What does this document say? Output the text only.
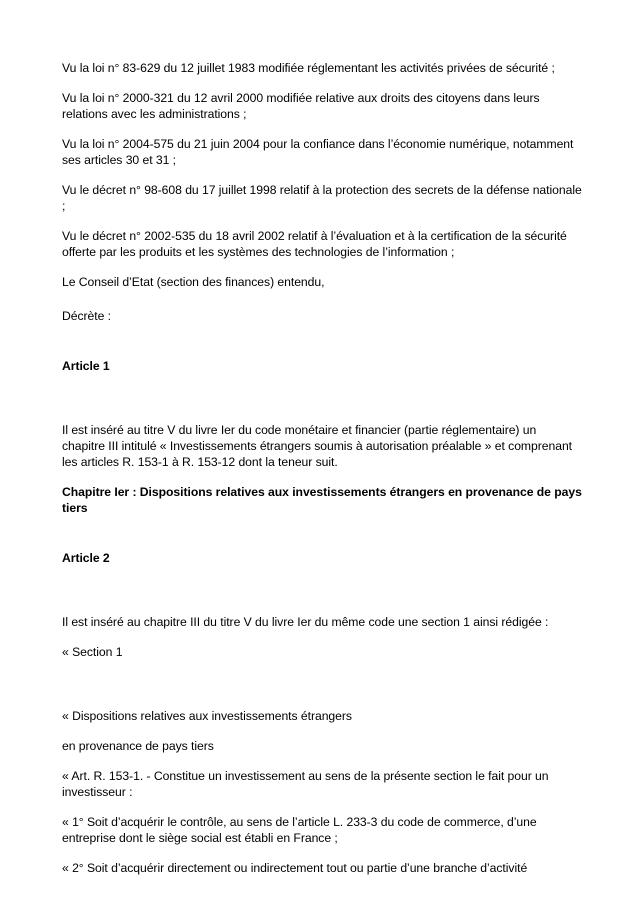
Vu la loi n° 83-629 du 12 juillet 1983 modifiée réglementant les activités privées de sécurité ;

Vu la loi n° 2000-321 du 12 avril 2000 modifiée relative aux droits des citoyens dans leurs relations avec les administrations ;

Vu la loi n° 2004-575 du 21 juin 2004 pour la confiance dans l’économie numérique, notamment ses articles 30 et 31 ;

Vu le décret n° 98-608 du 17 juillet 1998 relatif à la protection des secrets de la défense nationale ;

Vu le décret n° 2002-535 du 18 avril 2002 relatif à l’évaluation et à la certification de la sécurité offerte par les produits et les systèmes des technologies de l’information ;

Le Conseil d’Etat (section des finances) entendu,

Décrète :

Article 1

Il est inséré au titre V du livre Ier du code monétaire et financier (partie réglementaire) un chapitre III intitulé « Investissements étrangers soumis à autorisation préalable » et comprenant les articles R. 153-1 à R. 153-12 dont la teneur suit.

Chapitre Ier : Dispositions relatives aux investissements étrangers en provenance de pays tiers

Article 2

Il est inséré au chapitre III du titre V du livre Ier du même code une section 1 ainsi rédigée :

« Section 1

« Dispositions relatives aux investissements étrangers

en provenance de pays tiers

« Art. R. 153-1. - Constitue un investissement au sens de la présente section le fait pour un investisseur :

« 1° Soit d’acquérir le contrôle, au sens de l’article L. 233-3 du code de commerce, d’une entreprise dont le siège social est établi en France ;

« 2° Soit d’acquérir directement ou indirectement tout ou partie d’une branche d’activité
